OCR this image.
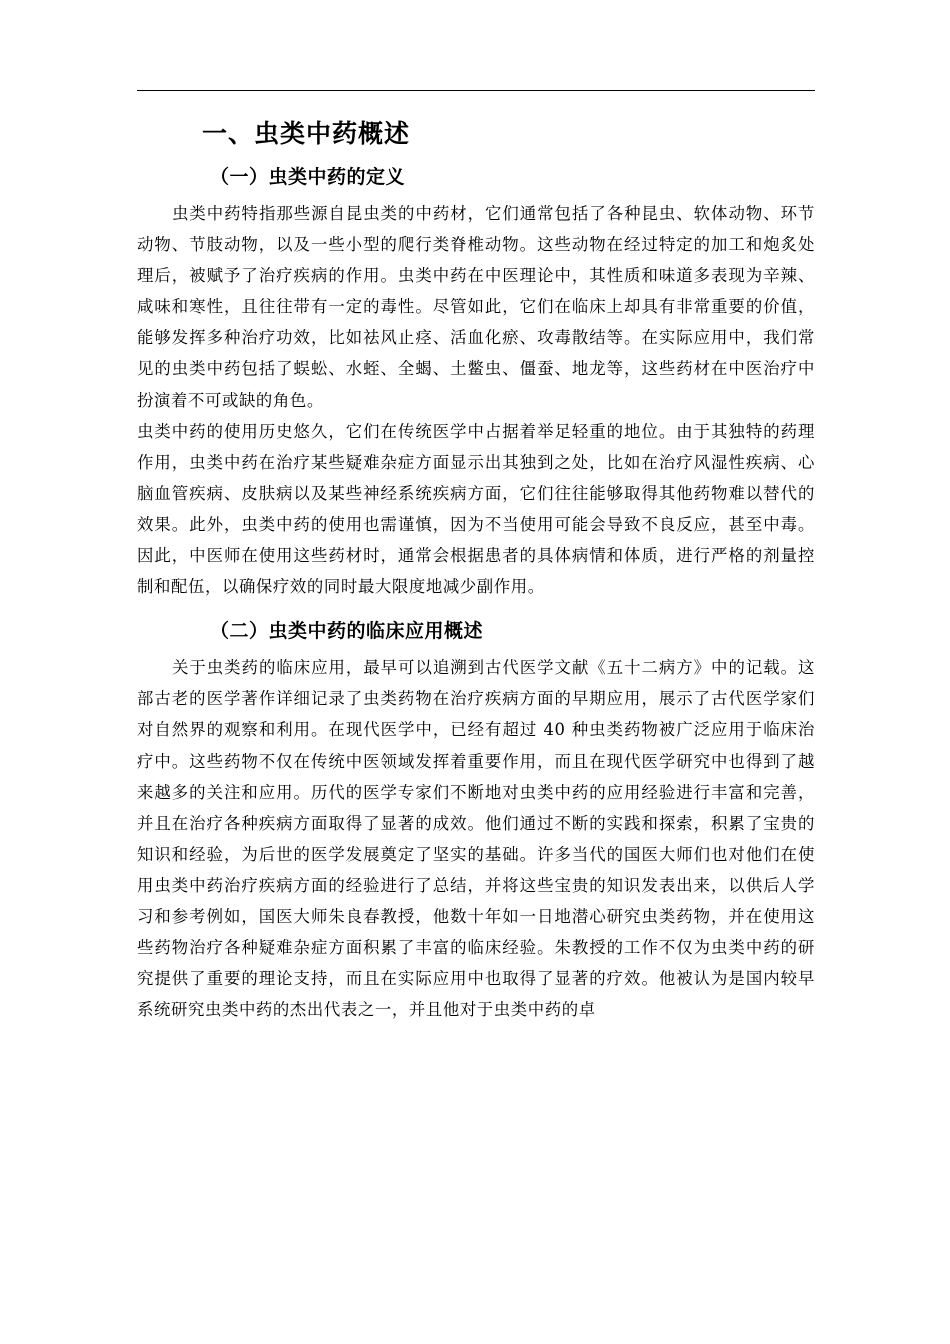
一、虫类中药概述
（一）虫类中药的定义

虫类中药特指那些源自昆虫类的中药材，它们通常包括了各种昆虫、软体动物、环节动物、节肢动物，以及一些小型的爬行类脊椎动物。这些动物在经过特定的加工和炮炙处理后，被赋予了治疗疾病的作用。虫类中药在中医理论中，其性质和味道多表现为辛辣、咸味和寒性，且往往带有一定的毒性。尽管如此，它们在临床上却具有非常重要的价值，能够发挥多种治疗功效，比如祛风止痉、活血化瘀、攻毒散结等。在实际应用中，我们常见的虫类中药包括了蜈蚣、水蛭、全蝎、土鳖虫、僵蚕、地龙等，这些药材在中医治疗中扮演着不可或缺的角色。

虫类中药的使用历史悠久，它们在传统医学中占据着举足轻重的地位。由于其独特的药理作用，虫类中药在治疗某些疑难杂症方面显示出其独到之处，比如在治疗风湿性疾病、心脑血管疾病、皮肤病以及某些神经系统疾病方面，它们往往能够取得其他药物难以替代的效果。此外，虫类中药的使用也需谨慎，因为不当使用可能会导致不良反应，甚至中毒。因此，中医师在使用这些药材时，通常会根据患者的具体病情和体质，进行严格的剂量控制和配伍，以确保疗效的同时最大限度地减少副作用。

（二）虫类中药的临床应用概述

关于虫类药的临床应用，最早可以追溯到古代医学文献《五十二病方》中的记载。这部古老的医学著作详细记录了虫类药物在治疗疾病方面的早期应用，展示了古代医学家们对自然界的观察和利用。在现代医学中，已经有超过 40 种虫类药物被广泛应用于临床治疗中。这些药物不仅在传统中医领域发挥着重要作用，而且在现代医学研究中也得到了越来越多的关注和应用。历代的医学专家们不断地对虫类中药的应用经验进行丰富和完善，并且在治疗各种疾病方面取得了显著的成效。他们通过不断的实践和探索，积累了宝贵的知识和经验，为后世的医学发展奠定了坚实的基础。许多当代的国医大师们也对他们在使用虫类中药治疗疾病方面的经验进行了总结，并将这些宝贵的知识发表出来，以供后人学习和参考例如，国医大师朱良春教授，他数十年如一日地潜心研究虫类药物，并在使用这些药物治疗各种疑难杂症方面积累了丰富的临床经验。朱教授的工作不仅为虫类中药的研究提供了重要的理论支持，而且在实际应用中也取得了显著的疗效。他被认为是国内较早系统研究虫类中药的杰出代表之一，并且他对于虫类中药的卓
